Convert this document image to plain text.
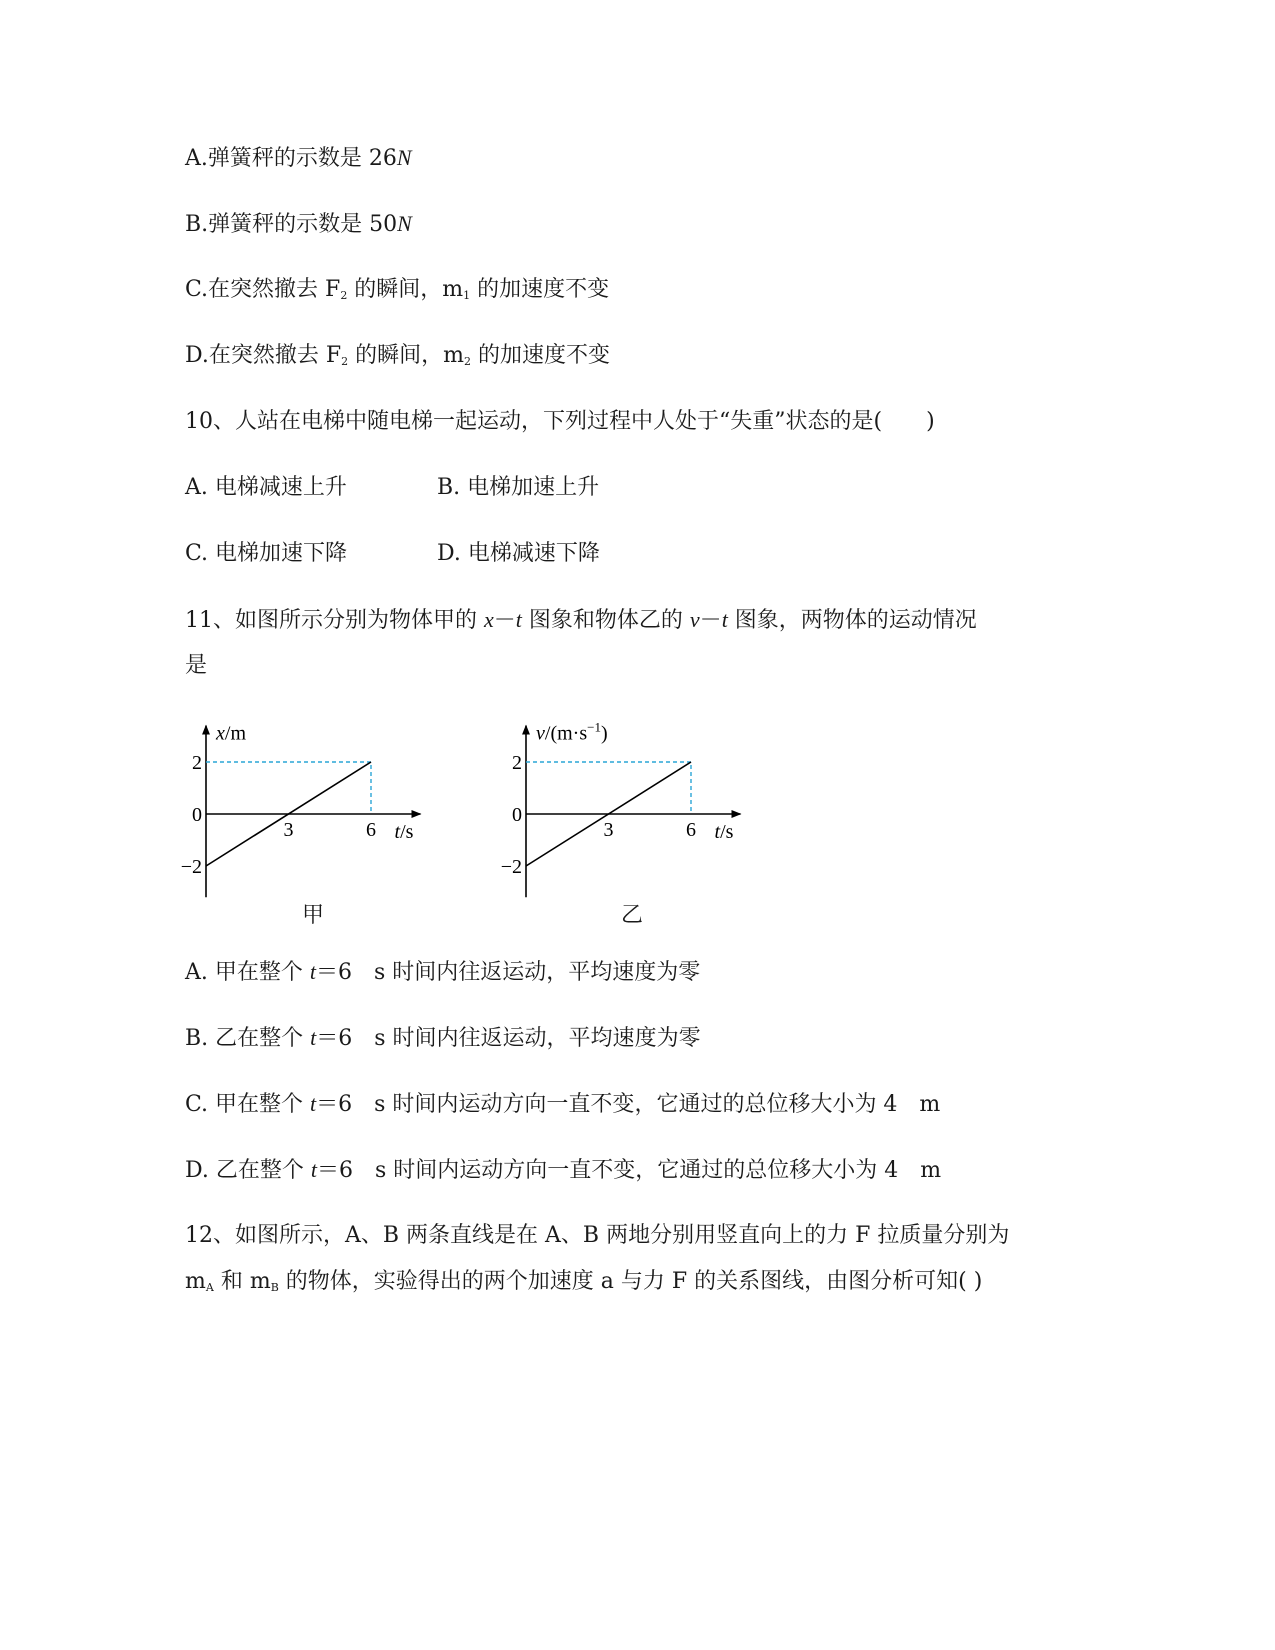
A.弹簧秤的示数是 26N
B.弹簧秤的示数是 50N
C.在突然撤去 $F_2$ 的瞬间，$m_1$ 的加速度不变
D.在突然撤去 $F_2$ 的瞬间，$m_2$ 的加速度不变
10、人站在电梯中随电梯一起运动，下列过程中人处于“失重”状态的是(　　)
A. 电梯减速上升	B. 电梯加速上升
C. 电梯加速下降	D. 电梯减速下降
11、如图所示分别为物体甲的 x－t 图象和物体乙的 v－t 图象，两物体的运动情况
是
2
0
−2
3	6
x/m
t/s
甲
2
0
−2
3	6
$v/(m\cdot s^{-1})$
t/s
乙
A. 甲在整个 t＝6　s 时间内往返运动，平均速度为零
B. 乙在整个 t＝6　s 时间内往返运动，平均速度为零
C. 甲在整个 t＝6　s 时间内运动方向一直不变，它通过的总位移大小为 4　m
D. 乙在整个 t＝6　s 时间内运动方向一直不变，它通过的总位移大小为 4　m
12、如图所示，A、B 两条直线是在 A、B 两地分别用竖直向上的力 F 拉质量分别为
$m_A$ 和 $m_B$ 的物体，实验得出的两个加速度 a 与力 F 的关系图线，由图分析可知( )
